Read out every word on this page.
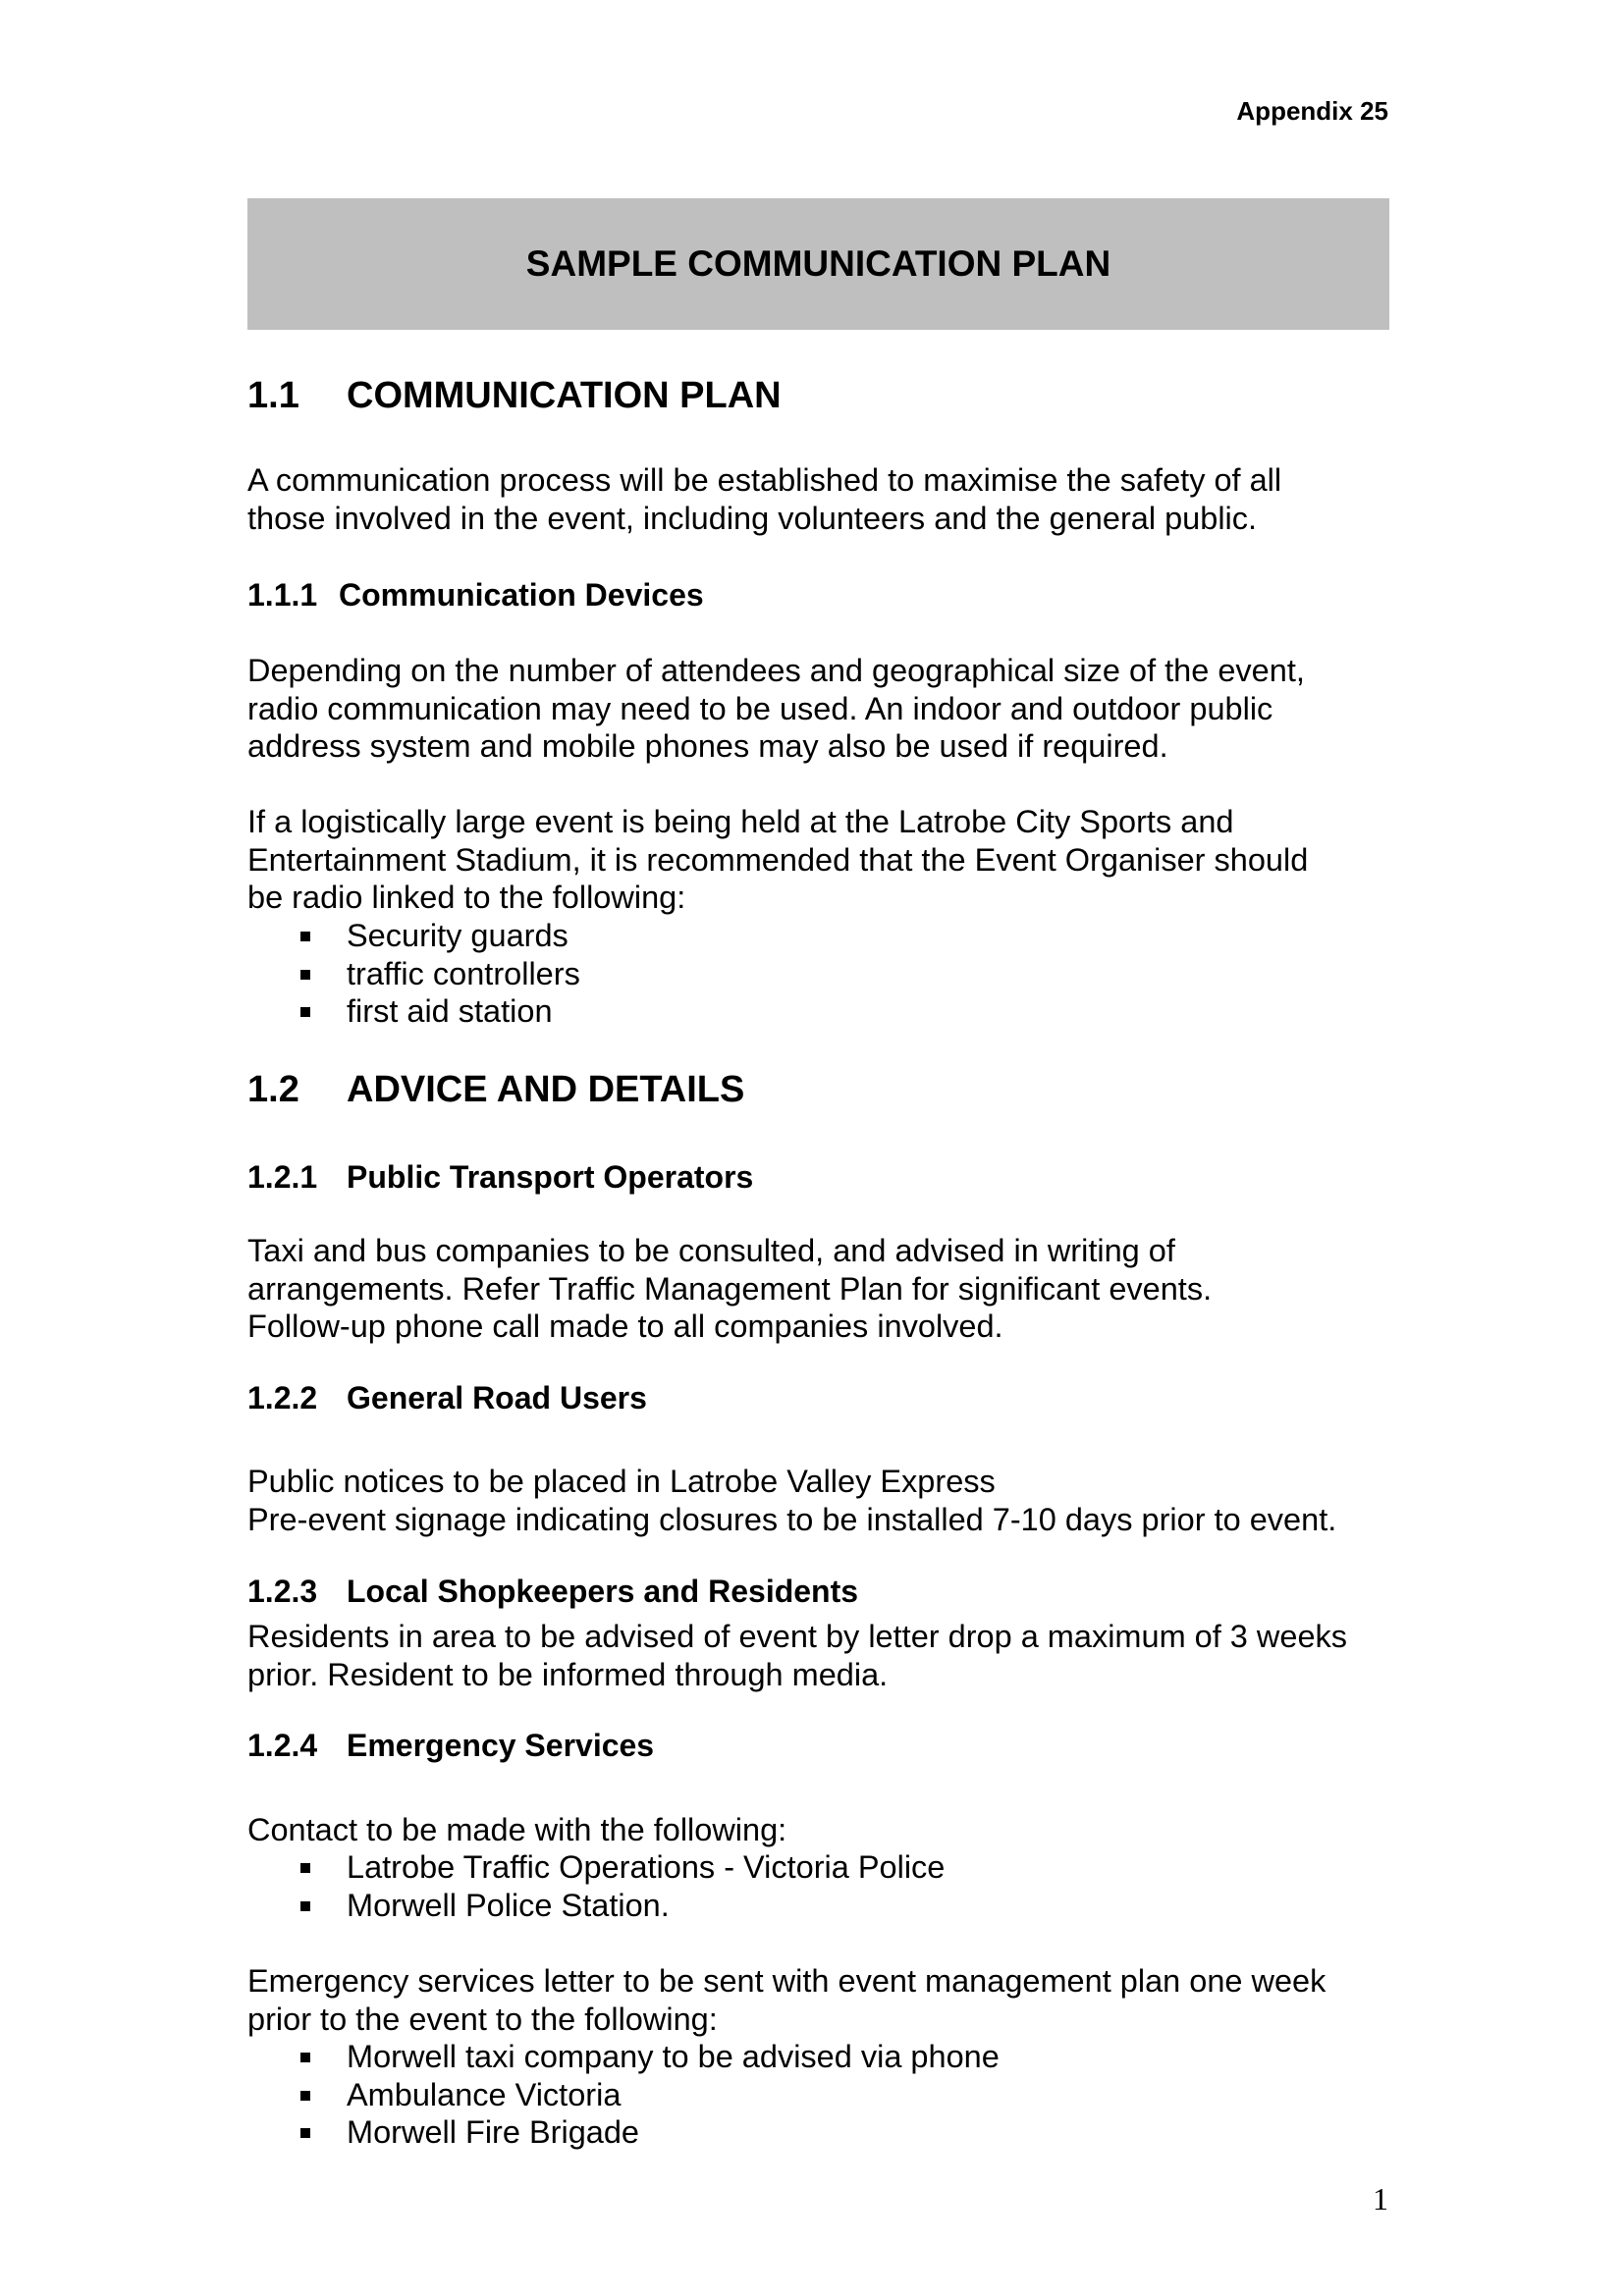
Appendix 25
SAMPLE COMMUNICATION PLAN
1.1 COMMUNICATION PLAN
A communication process will be established to maximise the safety of all
those involved in the event, including volunteers and the general public.
1.1.1 Communication Devices
Depending on the number of attendees and geographical size of the event,
radio communication may need to be used. An indoor and outdoor public
address system and mobile phones may also be used if required.
If a logistically large event is being held at the Latrobe City Sports and
Entertainment Stadium, it is recommended that the Event Organiser should
be radio linked to the following:
Security guards
traffic controllers
first aid station
1.2 ADVICE AND DETAILS
1.2.1 Public Transport Operators
Taxi and bus companies to be consulted, and advised in writing of
arrangements. Refer Traffic Management Plan for significant events.
Follow-up phone call made to all companies involved.
1.2.2 General Road Users
Public notices to be placed in Latrobe Valley Express
Pre-event signage indicating closures to be installed 7-10 days prior to event.
1.2.3 Local Shopkeepers and Residents
Residents in area to be advised of event by letter drop a maximum of 3 weeks
prior. Resident to be informed through media.
1.2.4 Emergency Services
Contact to be made with the following:
Latrobe Traffic Operations - Victoria Police
Morwell Police Station.
Emergency services letter to be sent with event management plan one week
prior to the event to the following:
Morwell taxi company to be advised via phone
Ambulance Victoria
Morwell Fire Brigade
1
